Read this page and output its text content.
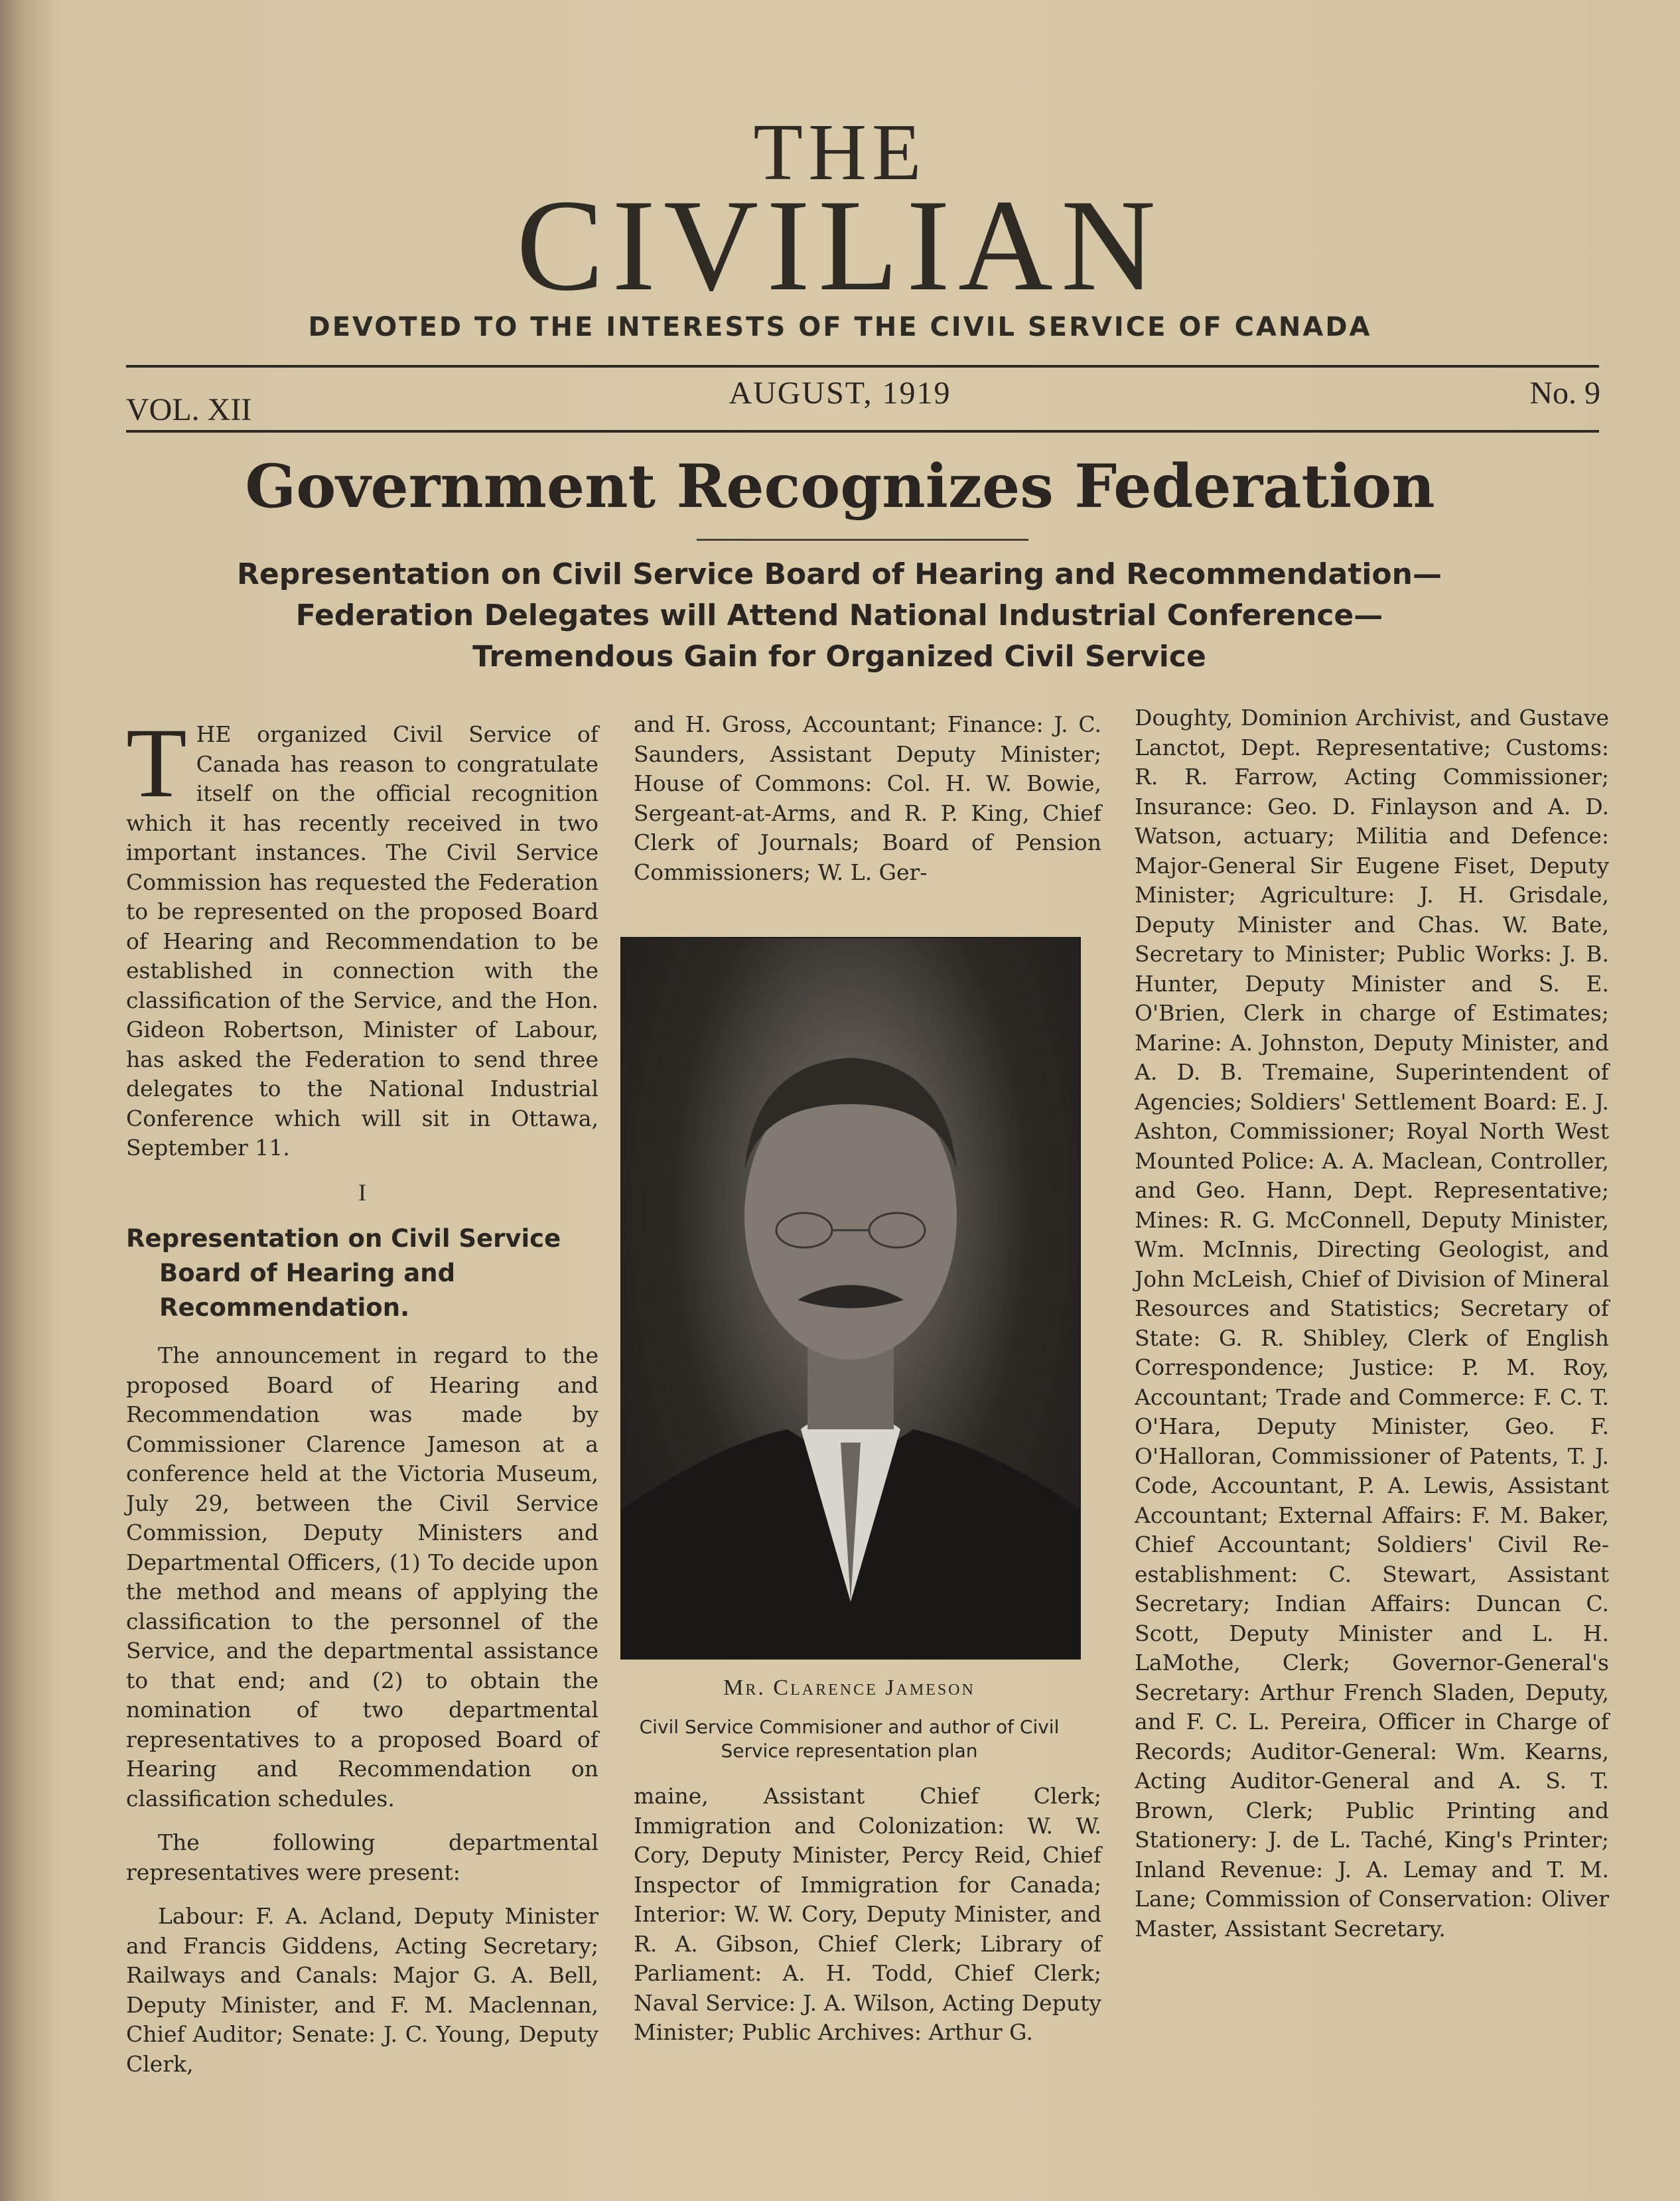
THE
CIVILIAN
DEVOTED TO THE INTERESTS OF THE CIVIL SERVICE OF CANADA
VOL. XII	AUGUST, 1919	No. 9
Government Recognizes Federation
Representation on Civil Service Board of Hearing and Recommendation—
Federation Delegates will Attend National Industrial Conference—
Tremendous Gain for Organized Civil Service

THE organized Civil Service of Canada has reason to congratulate itself on the official recognition which it has recently received in two important instances. The Civil Service Commission has requested the Federation to be represented on the proposed Board of Hearing and Recommendation to be established in connection with the classification of the Service, and the Hon. Gideon Robertson, Minister of Labour, has asked the Federation to send three delegates to the National Industrial Conference which will sit in Ottawa, September 11.

I
Representation on Civil Service Board of Hearing and Recommendation.

The announcement in regard to the proposed Board of Hearing and Recommendation was made by Commissioner Clarence Jameson at a conference held at the Victoria Museum, July 29, between the Civil Service Commission, Deputy Ministers and Departmental Officers, (1) To decide upon the method and means of applying the classification to the personnel of the Service, and the departmental assistance to that end; and (2) to obtain the nomination of two departmental representatives to a proposed Board of Hearing and Recommendation on classification schedules.

The following departmental representatives were present:

Labour: F. A. Acland, Deputy Minister and Francis Giddens, Acting Secretary; Railways and Canals: Major G. A. Bell, Deputy Minister, and F. M. Maclennan, Chief Auditor; Senate: J. C. Young, Deputy Clerk,

and H. Gross, Accountant; Finance: J. C. Saunders, Assistant Deputy Minister; House of Commons: Col. H. W. Bowie, Sergeant-at-Arms, and R. P. King, Chief Clerk of Journals; Board of Pension Commissioners; W. L. Ger-

Mr. Clarence Jameson
Civil Service Commisioner and author of Civil Service representation plan

maine, Assistant Chief Clerk; Immigration and Colonization: W. W. Cory, Deputy Minister, Percy Reid, Chief Inspector of Immigration for Canada; Interior: W. W. Cory, Deputy Minister, and R. A. Gibson, Chief Clerk; Library of Parliament: A. H. Todd, Chief Clerk; Naval Service: J. A. Wilson, Acting Deputy Minister; Public Archives: Arthur G.

Doughty, Dominion Archivist, and Gustave Lanctot, Dept. Representative; Customs: R. R. Farrow, Acting Commissioner; Insurance: Geo. D. Finlayson and A. D. Watson, actuary; Militia and Defence: Major-General Sir Eugene Fiset, Deputy Minister; Agriculture: J. H. Grisdale, Deputy Minister and Chas. W. Bate, Secretary to Minister; Public Works: J. B. Hunter, Deputy Minister and S. E. O'Brien, Clerk in charge of Estimates; Marine: A. Johnston, Deputy Minister, and A. D. B. Tremaine, Superintendent of Agencies; Soldiers' Settlement Board: E. J. Ashton, Commissioner; Royal North West Mounted Police: A. A. Maclean, Controller, and Geo. Hann, Dept. Representative; Mines: R. G. McConnell, Deputy Minister, Wm. McInnis, Directing Geologist, and John McLeish, Chief of Division of Mineral Resources and Statistics; Secretary of State: G. R. Shibley, Clerk of English Correspondence; Justice: P. M. Roy, Accountant; Trade and Commerce: F. C. T. O'Hara, Deputy Minister, Geo. F. O'Halloran, Commissioner of Patents, T. J. Code, Accountant, P. A. Lewis, Assistant Accountant; External Affairs: F. M. Baker, Chief Accountant; Soldiers' Civil Re-establishment: C. Stewart, Assistant Secretary; Indian Affairs: Duncan C. Scott, Deputy Minister and L. H. LaMothe, Clerk; Governor-General's Secretary: Arthur French Sladen, Deputy, and F. C. L. Pereira, Officer in Charge of Records; Auditor-General: Wm. Kearns, Acting Auditor-General and A. S. T. Brown, Clerk; Public Printing and Stationery: J. de L. Taché, King's Printer; Inland Revenue: J. A. Lemay and T. M. Lane; Commission of Conservation: Oliver Master, Assistant Secretary.
